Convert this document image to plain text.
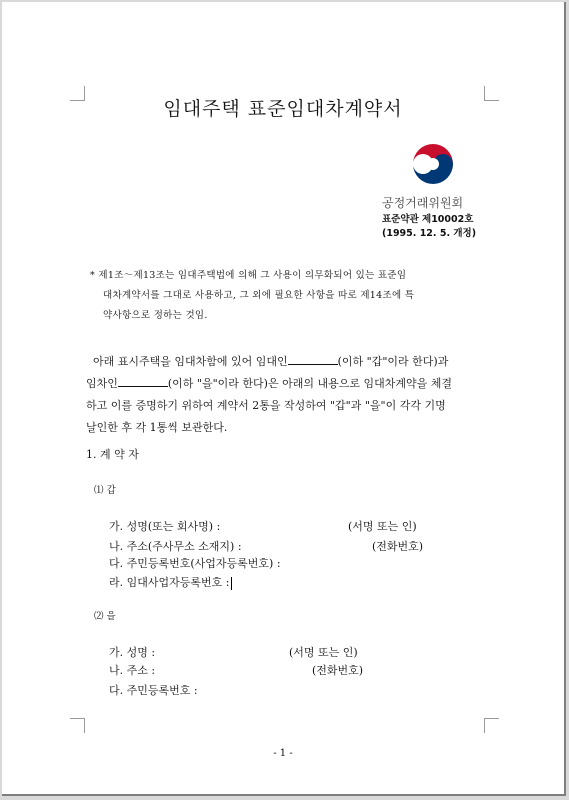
임대주택 표준임대차계약서
공정거래위원회
표준약관 제10002호
(1995. 12. 5. 개정)
* 제1조～제13조는 임대주택법에 의해 그 사용이 의무화되어 있는 표준임
대차계약서를 그대로 사용하고, 그 외에 필요한 사항을 따로 제14조에 특
약사항으로 정하는 것임.
아래 표시주택을 임대차함에 있어 임대인	(이하 "갑"이라 한다)과
임차인	(이하 "을"이라 한다)은 아래의 내용으로 임대차계약을 체결
하고 이를 증명하기 위하여 계약서 2통을 작성하여 "갑"과 "을"이 각각 기명
날인한 후 각 1통씩 보관한다.
1. 계 약 자
⑴ 갑
가. 성명(또는 회사명) :	(서명 또는 인)
나. 주소(주사무소 소재지) :	(전화번호)
다. 주민등록번호(사업자등록번호) :
라. 임대사업자등록번호 :
⑵ 을
가. 성명 :	(서명 또는 인)
나. 주소 :	(전화번호)
다. 주민등록번호 :
- 1 -
